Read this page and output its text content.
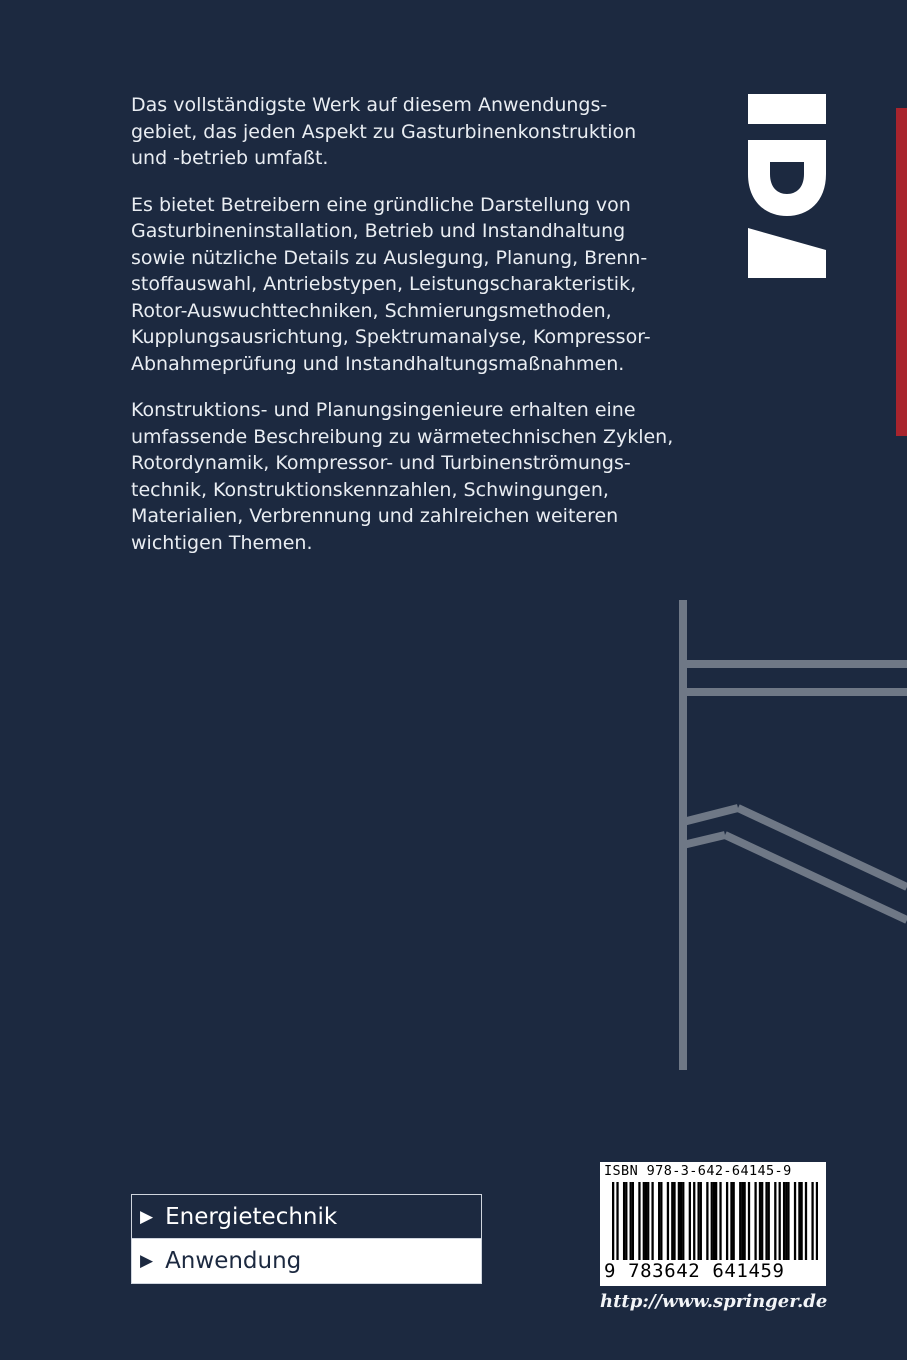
Das vollständigste Werk auf diesem Anwendungs-
gebiet, das jeden Aspekt zu Gasturbinenkonstruktion
und -betrieb umfaßt.

Es bietet Betreibern eine gründliche Darstellung von
Gasturbineninstallation, Betrieb und Instandhaltung
sowie nützliche Details zu Auslegung, Planung, Brenn-
stoffauswahl, Antriebstypen, Leistungscharakteristik,
Rotor-Auswuchttechniken, Schmierungsmethoden,
Kupplungsausrichtung, Spektrumanalyse, Kompressor-
Abnahmeprüfung und Instandhaltungsmaßnahmen.

Konstruktions- und Planungsingenieure erhalten eine
umfassende Beschreibung zu wärmetechnischen Zyklen,
Rotordynamik, Kompressor- und Turbinenströmungs-
technik, Konstruktionskennzahlen, Schwingungen,
Materialien, Verbrennung und zahlreichen weiteren
wichtigen Themen.

▶ Energietechnik
▶ Anwendung
ISBN 978-3-642-64145-9
9 783642 641459
http://www.springer.de
